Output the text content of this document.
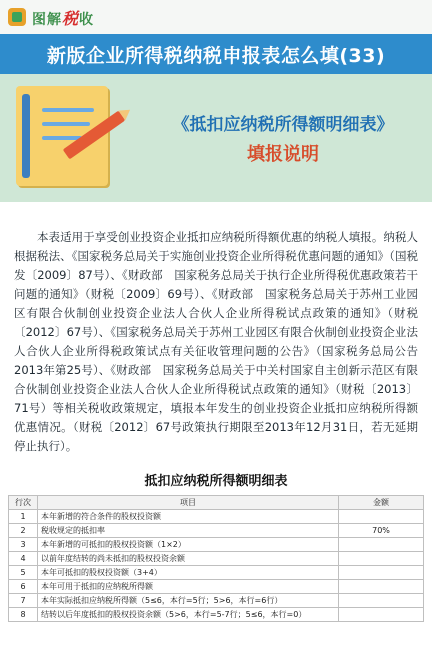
图解税收
新版企业所得税纳税申报表怎么填(33)
《抵扣应纳税所得额明细表》
填报说明
本表适用于享受创业投资企业抵扣应纳税所得额优惠的纳税人填报。纳税人根据税法、《国家税务总局关于实施创业投资企业所得税优惠问题的通知》（国税发〔2009〕87号）、《财政部　国家税务总局关于执行企业所得税优惠政策若干问题的通知》（财税〔2009〕69号）、《财政部　国家税务总局关于苏州工业园区有限合伙制创业投资企业法人合伙人企业所得税试点政策的通知》（财税〔2012〕67号）、《国家税务总局关于苏州工业园区有限合伙制创业投资企业法人合伙人企业所得税政策试点有关征收管理问题的公告》（国家税务总局公告2013年第25号）、《财政部　国家税务总局关于中关村国家自主创新示范区有限合伙制创业投资企业法人合伙人企业所得税试点政策的通知》（财税〔2013〕71号）等相关税收政策规定，填报本年发生的创业投资企业抵扣应纳税所得额优惠情况。（财税〔2012〕67号政策执行期限至2013年12月31日，若无延期停止执行）。
抵扣应纳税所得额明细表
行次	项目	金额
1	本年新增的符合条件的股权投资额	
2	税收规定的抵扣率	70%
3	本年新增的可抵扣的股权投资额（1×2）	
4	以前年度结转的尚未抵扣的股权投资余额	
5	本年可抵扣的股权投资额（3+4）	
6	本年可用于抵扣的应纳税所得额	
7	本年实际抵扣应纳税所得额（5≤6，本行=5行；5>6，本行=6行）	
8	结转以后年度抵扣的股权投资余额（5>6，本行=5-7行；5≤6，本行=0）	
